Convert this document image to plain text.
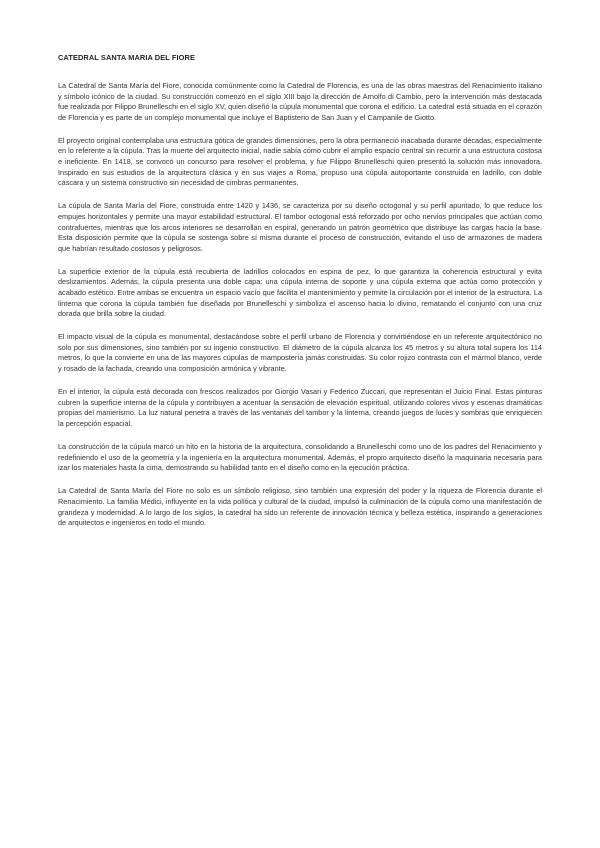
CATEDRAL SANTA MARIA DEL FIORE

La Catedral de Santa María del Fiore, conocida comúnmente como la Catedral de Florencia, es una de las obras maestras del Renacimiento italiano y símbolo icónico de la ciudad. Su construcción comenzó en el siglo XIII bajo la dirección de Arnolfo di Cambio, pero la intervención más destacada fue realizada por Filippo Brunelleschi en el siglo XV, quien diseñó la cúpula monumental que corona el edificio. La catedral está situada en el corazón de Florencia y es parte de un complejo monumental que incluye el Baptisterio de San Juan y el Campanile de Giotto.

El proyecto original contemplaba una estructura gótica de grandes dimensiones, pero la obra permaneció inacabada durante décadas, especialmente en lo referente a la cúpula. Tras la muerte del arquitecto inicial, nadie sabía cómo cubrir el amplio espacio central sin recurrir a una estructura costosa e ineficiente. En 1418, se convocó un concurso para resolver el problema, y fue Filippo Brunelleschi quien presentó la solución más innovadora. Inspirado en sus estudios de la arquitectura clásica y en sus viajes a Roma, propuso una cúpula autoportante construida en ladrillo, con doble cáscara y un sistema constructivo sin necesidad de cimbras permanentes.

La cúpula de Santa María del Fiore, construida entre 1420 y 1436, se caracteriza por su diseño octogonal y su perfil apuntado, lo que reduce los empujes horizontales y permite una mayor estabilidad estructural. El tambor octogonal está reforzado por ocho nervios principales que actúan como contrafuertes, mientras que los arcos interiores se desarrollan en espiral, generando un patrón geométrico que distribuye las cargas hacia la base. Esta disposición permite que la cúpula se sostenga sobre sí misma durante el proceso de construcción, evitando el uso de armazones de madera que habrían resultado costosos y peligrosos.

La superficie exterior de la cúpula está recubierta de ladrillos colocados en espina de pez, lo que garantiza la coherencia estructural y evita deslizamientos. Además, la cúpula presenta una doble capa: una cúpula interna de soporte y una cúpula externa que actúa como protección y acabado estético. Entre ambas se encuentra un espacio vacío que facilita el mantenimiento y permite la circulación por el interior de la estructura. La linterna que corona la cúpula también fue diseñada por Brunelleschi y simboliza el ascenso hacia lo divino, rematando el conjunto con una cruz dorada que brilla sobre la ciudad.

El impacto visual de la cúpula es monumental, destacándose sobre el perfil urbano de Florencia y convirtiéndose en un referente arquitectónico no solo por sus dimensiones, sino también por su ingenio constructivo. El diámetro de la cúpula alcanza los 45 metros y su altura total supera los 114 metros, lo que la convierte en una de las mayores cúpulas de mampostería jamás construidas. Su color rojizo contrasta con el mármol blanco, verde y rosado de la fachada, creando una composición armónica y vibrante.

En el interior, la cúpula está decorada con frescos realizados por Giorgio Vasari y Federico Zuccari, que representan el Juicio Final. Estas pinturas cubren la superficie interna de la cúpula y contribuyen a acentuar la sensación de elevación espiritual, utilizando colores vivos y escenas dramáticas propias del manierismo. La luz natural penetra a través de las ventanas del tambor y la linterna, creando juegos de luces y sombras que enriquecen la percepción espacial.

La construcción de la cúpula marcó un hito en la historia de la arquitectura, consolidando a Brunelleschi como uno de los padres del Renacimiento y redefiniendo el uso de la geometría y la ingeniería en la arquitectura monumental. Además, el propio arquitecto diseñó la maquinaria necesaria para izar los materiales hasta la cima, demostrando su habilidad tanto en el diseño como en la ejecución práctica.

La Catedral de Santa María del Fiore no solo es un símbolo religioso, sino también una expresión del poder y la riqueza de Florencia durante el Renacimiento. La familia Médici, influyente en la vida política y cultural de la ciudad, impulsó la culminación de la cúpula como una manifestación de grandeza y modernidad. A lo largo de los siglos, la catedral ha sido un referente de innovación técnica y belleza estética, inspirando a generaciones de arquitectos e ingenieros en todo el mundo.
